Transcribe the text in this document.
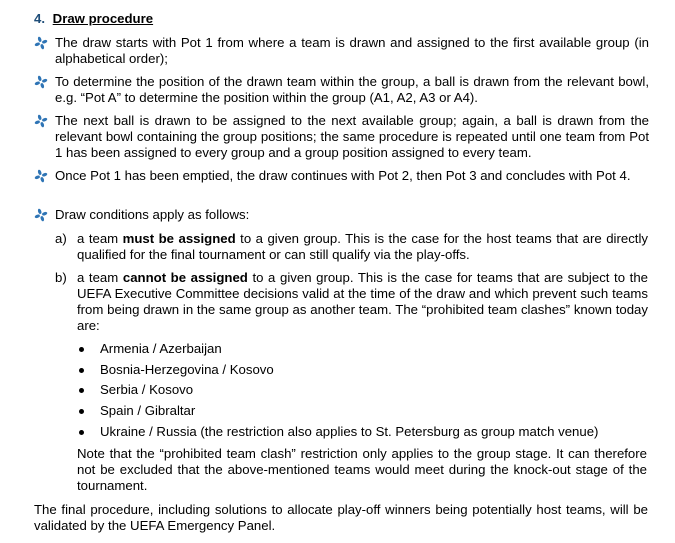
4. Draw procedure
The draw starts with Pot 1 from where a team is drawn and assigned to the first available group (in alphabetical order);
To determine the position of the drawn team within the group, a ball is drawn from the relevant bowl, e.g. “Pot A” to determine the position within the group (A1, A2, A3 or A4).
The next ball is drawn to be assigned to the next available group; again, a ball is drawn from the relevant bowl containing the group positions; the same procedure is repeated until one team from Pot 1 has been assigned to every group and a group position assigned to every team.
Once Pot 1 has been emptied, the draw continues with Pot 2, then Pot 3 and concludes with Pot 4.
Draw conditions apply as follows:
a) a team must be assigned to a given group. This is the case for the host teams that are directly qualified for the final tournament or can still qualify via the play-offs.
b) a team cannot be assigned to a given group. This is the case for teams that are subject to the UEFA Executive Committee decisions valid at the time of the draw and which prevent such teams from being drawn in the same group as another team. The “prohibited team clashes” known today are:
Armenia / Azerbaijan
Bosnia-Herzegovina / Kosovo
Serbia / Kosovo
Spain / Gibraltar
Ukraine / Russia (the restriction also applies to St. Petersburg as group match venue)
Note that the “prohibited team clash” restriction only applies to the group stage. It can therefore not be excluded that the above-mentioned teams would meet during the knock-out stage of the tournament.
The final procedure, including solutions to allocate play-off winners being potentially host teams, will be validated by the UEFA Emergency Panel.
